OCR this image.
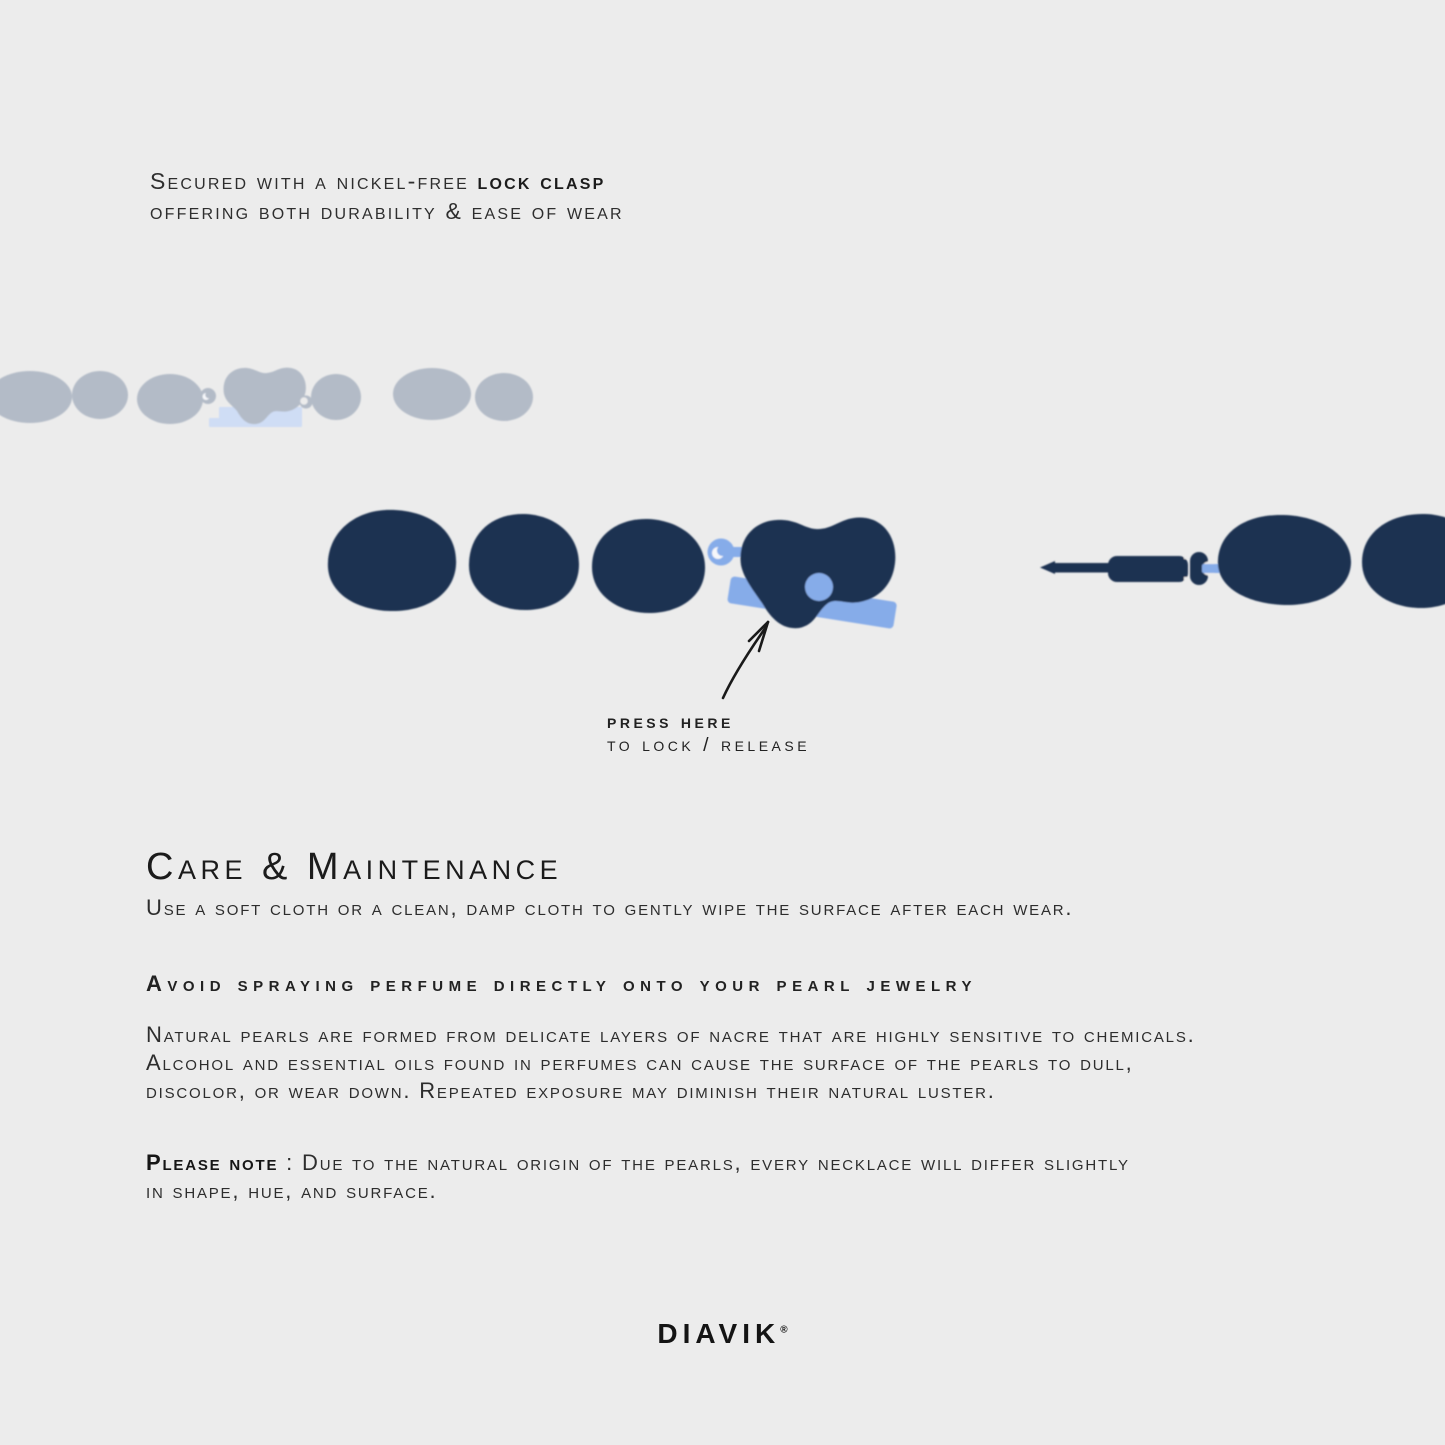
Secured with a nickel-free lock clasp
offering both durability & ease of wear
press here
to lock / release
Care & Maintenance
Use a soft cloth or a clean, damp cloth to gently wipe the surface after each wear.
Avoid spraying perfume directly onto your pearl jewelry
Natural pearls are formed from delicate layers of nacre that are highly sensitive to chemicals. Alcohol and essential oils found in perfumes can cause the surface of the pearls to dull, discolor, or wear down. Repeated exposure may diminish their natural luster.
Please note : Due to the natural origin of the pearls, every necklace will differ slightly in shape, hue, and surface.
DIAVIK®
